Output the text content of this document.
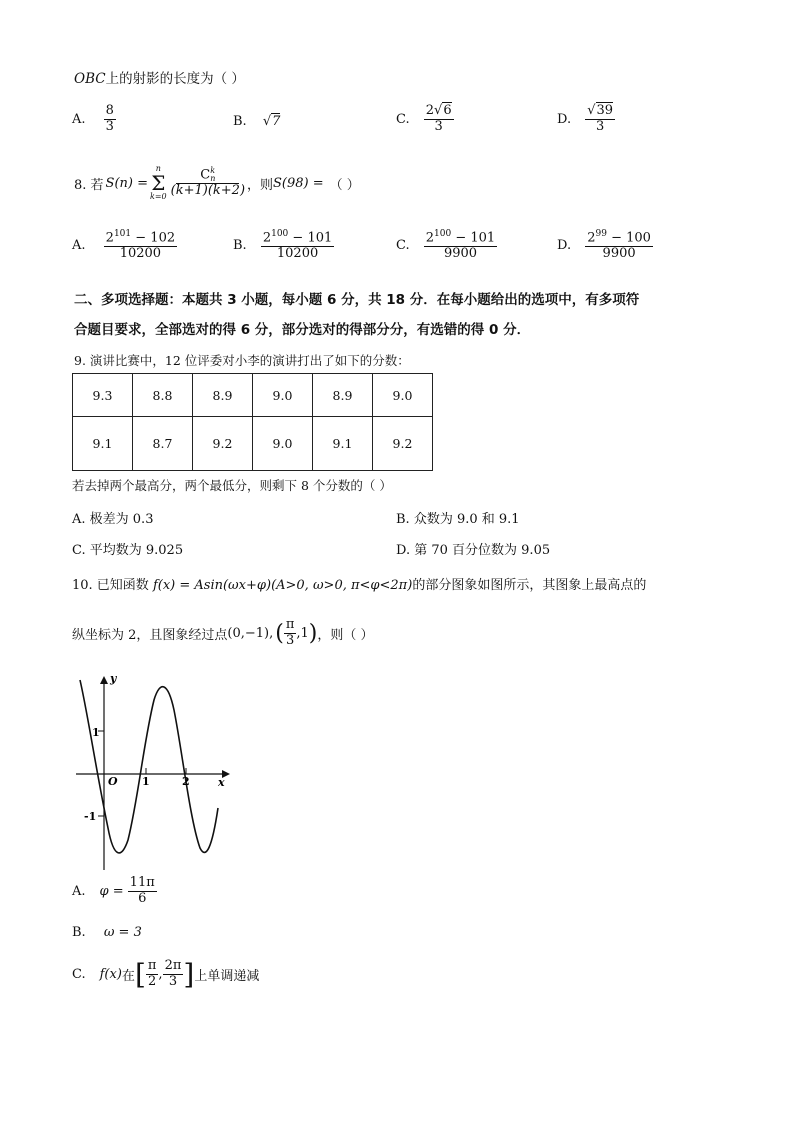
OBC上的射影的长度为（ ）
A. $\frac{8}{3}$	B. √7	C. $\frac{2√6}{3}$	D. $\frac{√39}{3}$
8. 若 S(n) =
n
Σ
k=0 C k
n
(k+1)(k+2) ，则 S(98) = （ ）
A. $\frac{2^{101} - 102}{10200}$	B. $\frac{2^{100} - 101}{10200}$	C. $\frac{2^{100} - 101}{9900}$	D. $\frac{2^{99} - 100}{9900}$
二、多项选择题：本题共 3 小题，每小题 6 分，共 18 分．在每小题给出的选项中，有多项符
合题目要求，全部选对的得 6 分，部分选对的得部分分，有选错的得 0 分．
9. 演讲比赛中，12 位评委对小李的演讲打出了如下的分数：
9.3	8.8	8.9	9.0	8.9	9.0
9.1	8.7	9.2	9.0	9.1	9.2
若去掉两个最高分，两个最低分，则剩下 8 个分数的（ ）
A. 极差为 0.3	B. 众数为 9.0 和 9.1
C. 平均数为 9.025	D. 第 70 百分位数为 9.05
10. 已知函数 f(x) = Asin(ωx+φ)(A>0, ω>0, π<φ<2π)的部分图象如图所示，其图象上最高点的
纵坐标为 2，且图象经过点 (0,−1), ( $\frac{\pi}{3} ,1$ ) ，则（ ）
y
x
O
1
-1
1	2
A. $\varphi = \frac{11\pi}{6}$
B. ω = 3
C. f(x) 在 [ $\frac{\pi}{2}$ , $\frac{2\pi}{3}$ ] 上单调递减
